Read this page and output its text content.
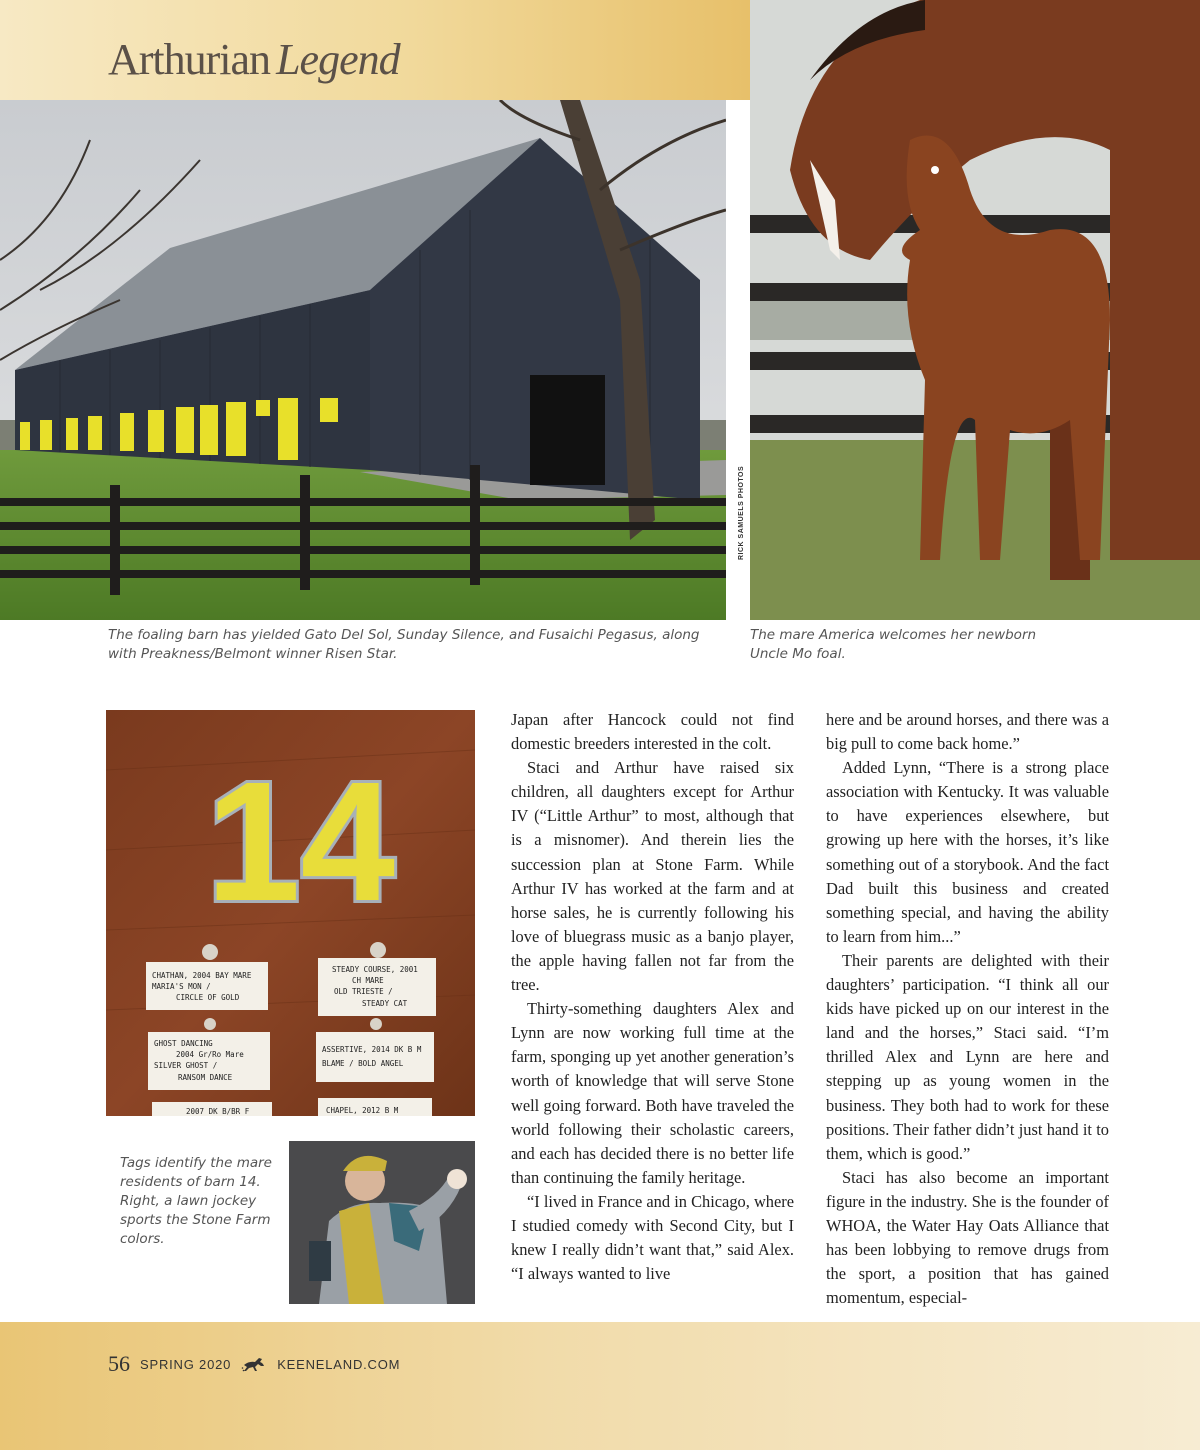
Arthurian Legend
RICK SAMUELS PHOTOS
The foaling barn has yielded Gato Del Sol, Sunday Silence, and Fusaichi Pegasus, along with Preakness/Belmont winner Risen Star.
The mare America welcomes her newborn Uncle Mo foal.
14
CHATHAN, 2004 BAY MARE
MARIA'S MON /
CIRCLE OF GOLD
GHOST DANCING
2004 Gr/Ro Mare
SILVER GHOST /
RANSOM DANCE
2007 DK B/BR F
STEADY COURSE, 2001
CH MARE
OLD TRIESTE /
STEADY CAT
ASSERTIVE, 2014 DK B M
BLAME / BOLD ANGEL
CHAPEL, 2012 B M
Tags identify the mare residents of barn 14. Right, a lawn jockey sports the Stone Farm colors.

Japan after Hancock could not find domestic breeders interested in the colt.

Staci and Arthur have raised six children, all daughters except for Arthur IV (“Little Arthur” to most, although that is a misnomer). And therein lies the succession plan at Stone Farm. While Arthur IV has worked at the farm and at horse sales, he is currently following his love of bluegrass music as a banjo player, the apple having fallen not far from the tree.

Thirty-something daughters Alex and Lynn are now working full time at the farm, sponging up yet another generation’s worth of knowledge that will serve Stone well going forward. Both have traveled the world following their scholastic careers, and each has decided there is no better life than continuing the family heritage.

“I lived in France and in Chicago, where I studied comedy with Second City, but I knew I really didn’t want that,” said Alex. “I always wanted to live

here and be around horses, and there was a big pull to come back home.”

Added Lynn, “There is a strong place association with Kentucky. It was valuable to have experiences elsewhere, but growing up here with the horses, it’s like something out of a storybook. And the fact Dad built this business and created something special, and having the ability to learn from him...”

Their parents are delighted with their daughters’ participation. “I think all our kids have picked up on our interest in the land and the horses,” Staci said. “I’m thrilled Alex and Lynn are here and stepping up as young women in the business. They both had to work for these positions. Their father didn’t just hand it to them, which is good.”

Staci has also become an important figure in the industry. She is the founder of WHOA, the Water Hay Oats Alliance that has been lobbying to remove drugs from the sport, a position that has gained momentum, especial-

56 SPRING 2020	KEENELAND.COM
